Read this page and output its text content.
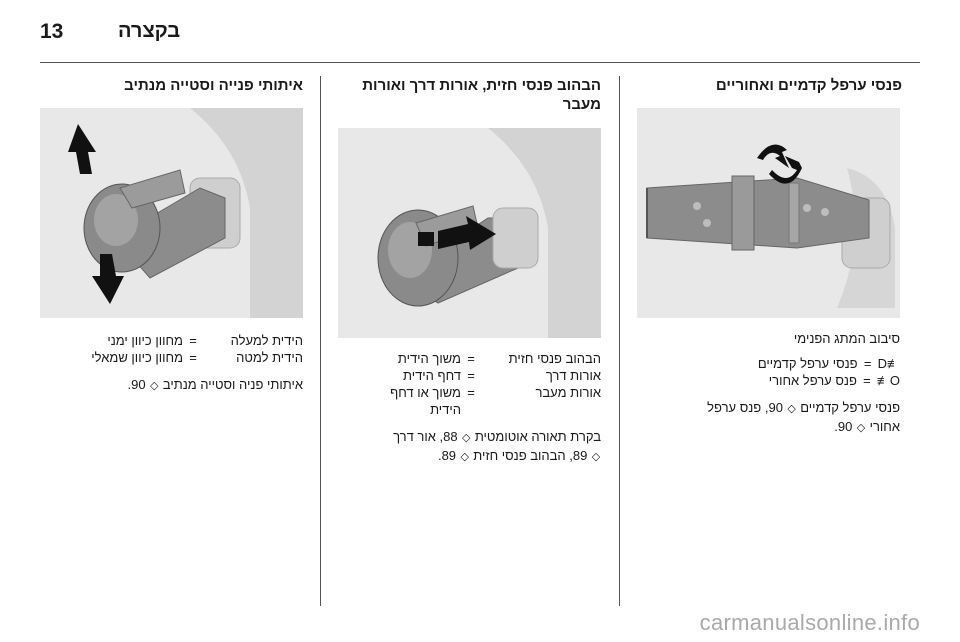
13	בקצרה
פנסי ערפל קדמיים ואחוריים
סיבוב המתג הפנימי
≢D
=
פנסי ערפל קדמיים
O≢
=
פנס ערפל אחורי
פנסי ערפל קדמיים ◇ 90, פנס ערפל
אחורי ◇ 90.
הבהוב פנסי חזית, אורות דרך ואורות מעבר
הבהוב פנסי חזית
=
משוך הידית
אורות דרך
=
דחף הידית
אורות מעבר
=
משוך או דחף הידית
בקרת תאורה אוטומטית ◇ 88, אור דרך
◇ 89, הבהוב פנסי חזית ◇ 89.
איתותי פנייה וסטייה מנתיב
הידית למעלה
=
מחוון כיוון ימני
הידית למטה
=
מחוון כיוון שמאלי
איתותי פניה וסטייה מנתיב ◇ 90.
carmanualsonline.info
